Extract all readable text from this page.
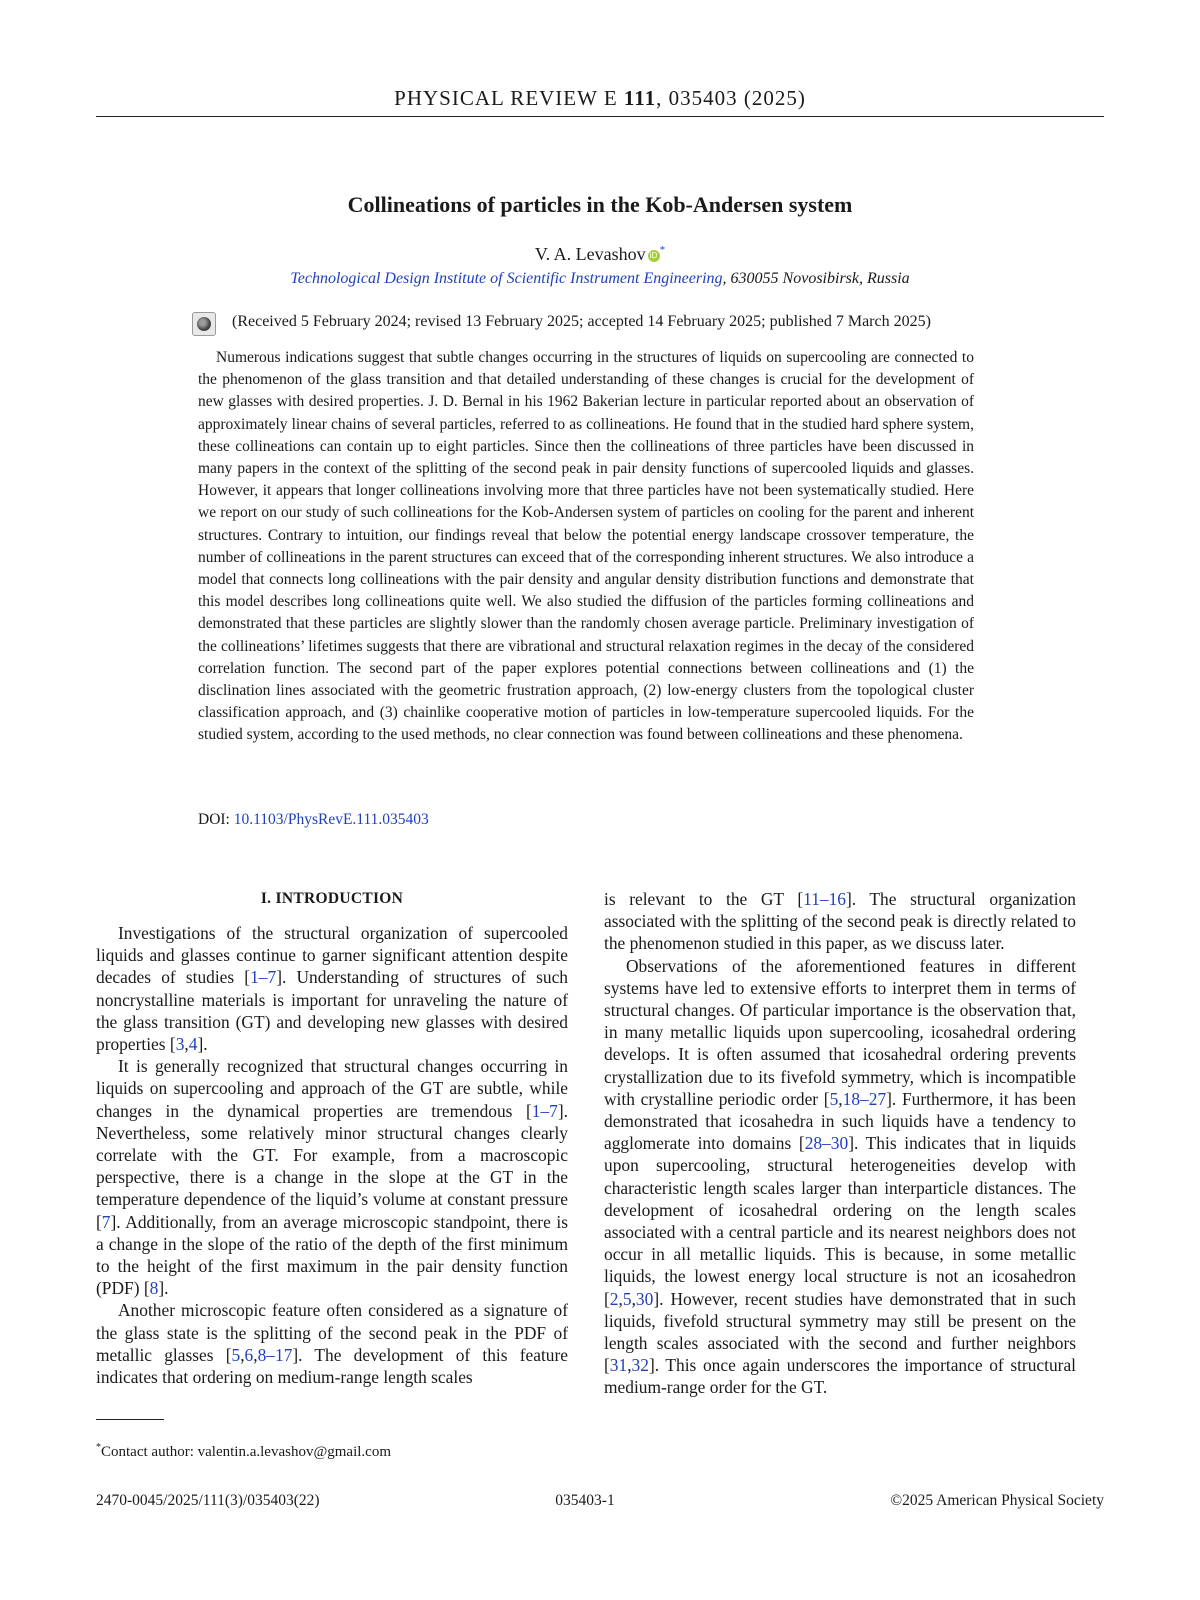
PHYSICAL REVIEW E 111, 035403 (2025)
Collineations of particles in the Kob-Andersen system
V. A. Levashov iD *
Technological Design Institute of Scientific Instrument Engineering, 630055 Novosibirsk, Russia
(Received 5 February 2024; revised 13 February 2025; accepted 14 February 2025; published 7 March 2025)

Numerous indications suggest that subtle changes occurring in the structures of liquids on supercooling are connected to the phenomenon of the glass transition and that detailed understanding of these changes is crucial for the development of new glasses with desired properties. J. D. Bernal in his 1962 Bakerian lecture in particular reported about an observation of approximately linear chains of several particles, referred to as collineations. He found that in the studied hard sphere system, these collineations can contain up to eight particles. Since then the collineations of three particles have been discussed in many papers in the context of the splitting of the second peak in pair density functions of supercooled liquids and glasses. However, it appears that longer collineations involving more that three particles have not been systematically studied. Here we report on our study of such collineations for the Kob-Andersen system of particles on cooling for the parent and inherent structures. Contrary to intuition, our findings reveal that below the potential energy landscape crossover temperature, the number of collineations in the parent structures can exceed that of the corresponding inherent structures. We also introduce a model that connects long collineations with the pair density and angular density distribution functions and demonstrate that this model describes long collineations quite well. We also studied the diffusion of the particles forming collineations and demonstrated that these particles are slightly slower than the randomly chosen average particle. Preliminary investigation of the collineations’ lifetimes suggests that there are vibrational and structural relaxation regimes in the decay of the considered correlation function. The second part of the paper explores potential connections between collineations and (1) the disclination lines associated with the geometric frustration approach, (2) low-energy clusters from the topological cluster classification approach, and (3) chainlike cooperative motion of particles in low-temperature supercooled liquids. For the studied system, according to the used methods, no clear connection was found between collineations and these phenomena.

DOI: 10.1103/PhysRevE.111.035403
I. INTRODUCTION

Investigations of the structural organization of supercooled liquids and glasses continue to garner significant attention despite decades of studies [1–7]. Understanding of structures of such noncrystalline materials is important for unraveling the nature of the glass transition (GT) and developing new glasses with desired properties [3,4].

It is generally recognized that structural changes occurring in liquids on supercooling and approach of the GT are subtle, while changes in the dynamical properties are tremendous [1–7]. Nevertheless, some relatively minor structural changes clearly correlate with the GT. For example, from a macroscopic perspective, there is a change in the slope at the GT in the temperature dependence of the liquid’s volume at constant pressure [7]. Additionally, from an average microscopic standpoint, there is a change in the slope of the ratio of the depth of the first minimum to the height of the first maximum in the pair density function (PDF) [8].

Another microscopic feature often considered as a signature of the glass state is the splitting of the second peak in the PDF of metallic glasses [5,6,8–17]. The development of this feature indicates that ordering on medium-range length scales

is relevant to the GT [11–16]. The structural organization associated with the splitting of the second peak is directly related to the phenomenon studied in this paper, as we discuss later.

Observations of the aforementioned features in different systems have led to extensive efforts to interpret them in terms of structural changes. Of particular importance is the observation that, in many metallic liquids upon supercooling, icosahedral ordering develops. It is often assumed that icosahedral ordering prevents crystallization due to its fivefold symmetry, which is incompatible with crystalline periodic order [5,18–27]. Furthermore, it has been demonstrated that icosahedra in such liquids have a tendency to agglomerate into domains [28–30]. This indicates that in liquids upon supercooling, structural heterogeneities develop with characteristic length scales larger than interparticle distances. The development of icosahedral ordering on the length scales associated with a central particle and its nearest neighbors does not occur in all metallic liquids. This is because, in some metallic liquids, the lowest energy local structure is not an icosahedron [2,5,30]. However, recent studies have demonstrated that in such liquids, fivefold structural symmetry may still be present on the length scales associated with the second and further neighbors [31,32]. This once again underscores the importance of structural medium-range order for the GT.

*Contact author: valentin.a.levashov@gmail.com
2470-0045/2025/111(3)/035403(22)	035403-1	©2025 American Physical Society
